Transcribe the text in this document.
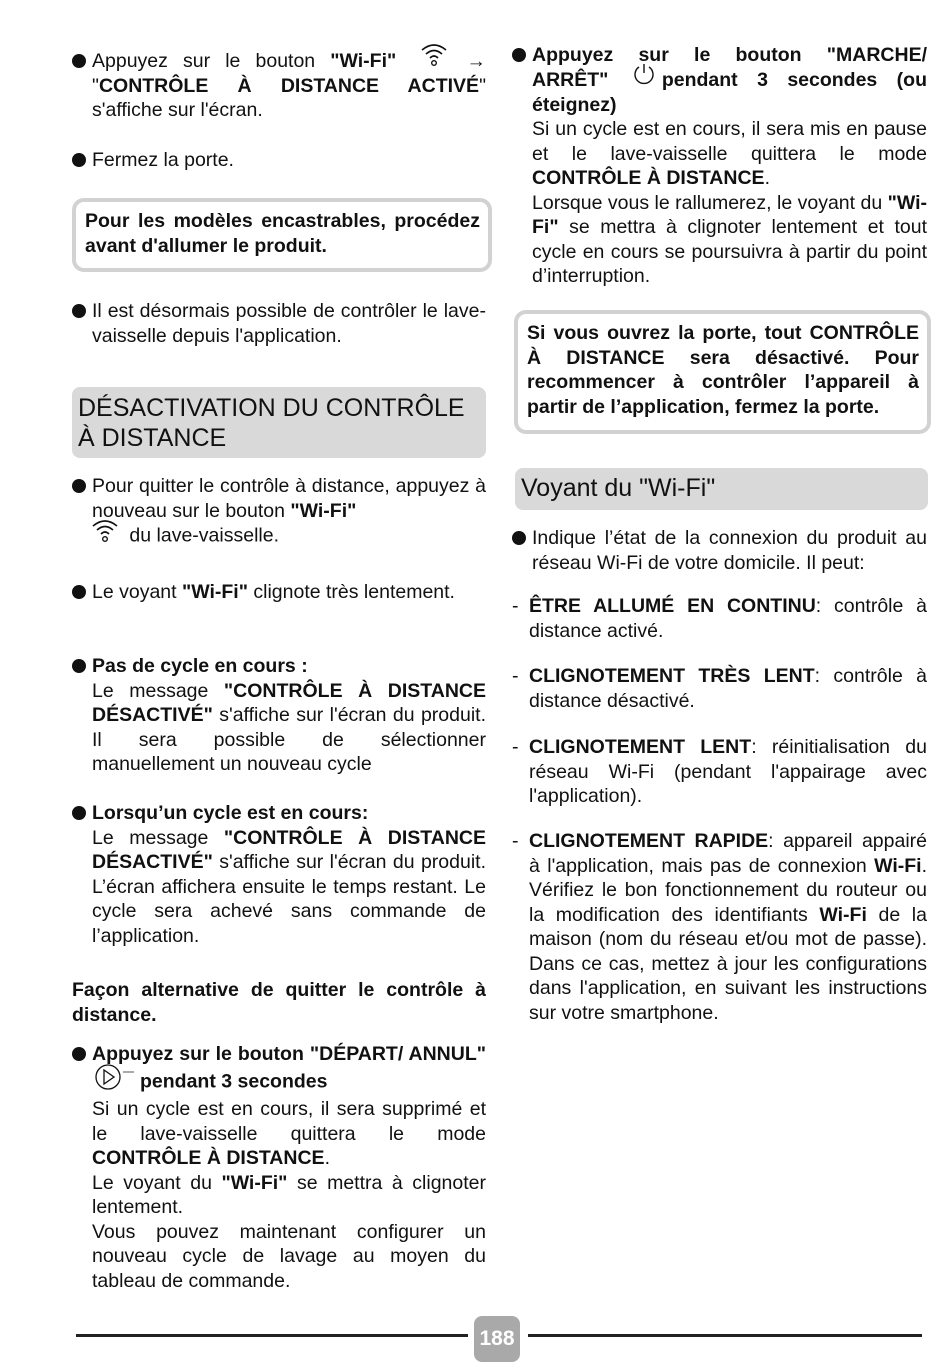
Appuyez sur le bouton "Wi-Fi"	→ "CONTRÔLE À DISTANCE ACTIVÉ" s'affiche sur l'écran.
Fermez la porte.
Pour les modèles encastrables, procédez avant d'allumer le produit.
Il est désormais possible de contrôler le lave-vaisselle depuis l'application.
DÉSACTIVATION DU CONTRÔLE À DISTANCE
Pour quitter le contrôle à distance, appuyez à nouveau sur le bouton "Wi-Fi"
du lave-vaisselle.
Le voyant "Wi-Fi" clignote très lentement.
Pas de cycle en cours :
Le message "CONTRÔLE À DISTANCE DÉSACTIVÉ" s'affiche sur l'écran du produit. Il sera possible de sélectionner manuellement un nouveau cycle
Lorsqu’un cycle est en cours:
Le message "CONTRÔLE À DISTANCE DÉSACTIVÉ" s'affiche sur l'écran du produit. L’écran affichera ensuite le temps restant. Le cycle sera achevé sans commande de l’application.
Façon alternative de quitter le contrôle à distance.
Appuyez sur le bouton "DÉPART/ ANNUL" pendant 3 secondes
Si un cycle est en cours, il sera supprimé et le lave-vaisselle quittera le mode CONTRÔLE À DISTANCE.
Le voyant du "Wi-Fi" se mettra à clignoter lentement.
Vous pouvez maintenant configurer un nouveau cycle de lavage au moyen du tableau de commande.
Appuyez sur le bouton "MARCHE/ ARRÊT"	pendant 3 secondes (ou éteignez)
Si un cycle est en cours, il sera mis en pause et le lave-vaisselle quittera le mode CONTRÔLE À DISTANCE.
Lorsque vous le rallumerez, le voyant du "Wi-Fi" se mettra à clignoter lentement et tout cycle en cours se poursuivra à partir du point d’interruption.
Si vous ouvrez la porte, tout CONTRÔLE À DISTANCE sera désactivé. Pour recommencer à contrôler l’appareil à partir de l’application, fermez la porte.
Voyant du "Wi-Fi"
Indique l’état de la connexion du produit au réseau Wi-Fi de votre domicile. Il peut:
- ÊTRE ALLUMÉ EN CONTINU: contrôle à distance activé.
- CLIGNOTEMENT TRÈS LENT: contrôle à distance désactivé.
- CLIGNOTEMENT LENT: réinitialisation du réseau Wi-Fi (pendant l'appairage avec l'application).
- CLIGNOTEMENT RAPIDE: appareil appairé à l'application, mais pas de connexion Wi-Fi. Vérifiez le bon fonctionnement du routeur ou la modification des identifiants Wi-Fi de la maison (nom du réseau et/ou mot de passe). Dans ce cas, mettez à jour les configurations dans l'application, en suivant les instructions sur votre smartphone.
188
